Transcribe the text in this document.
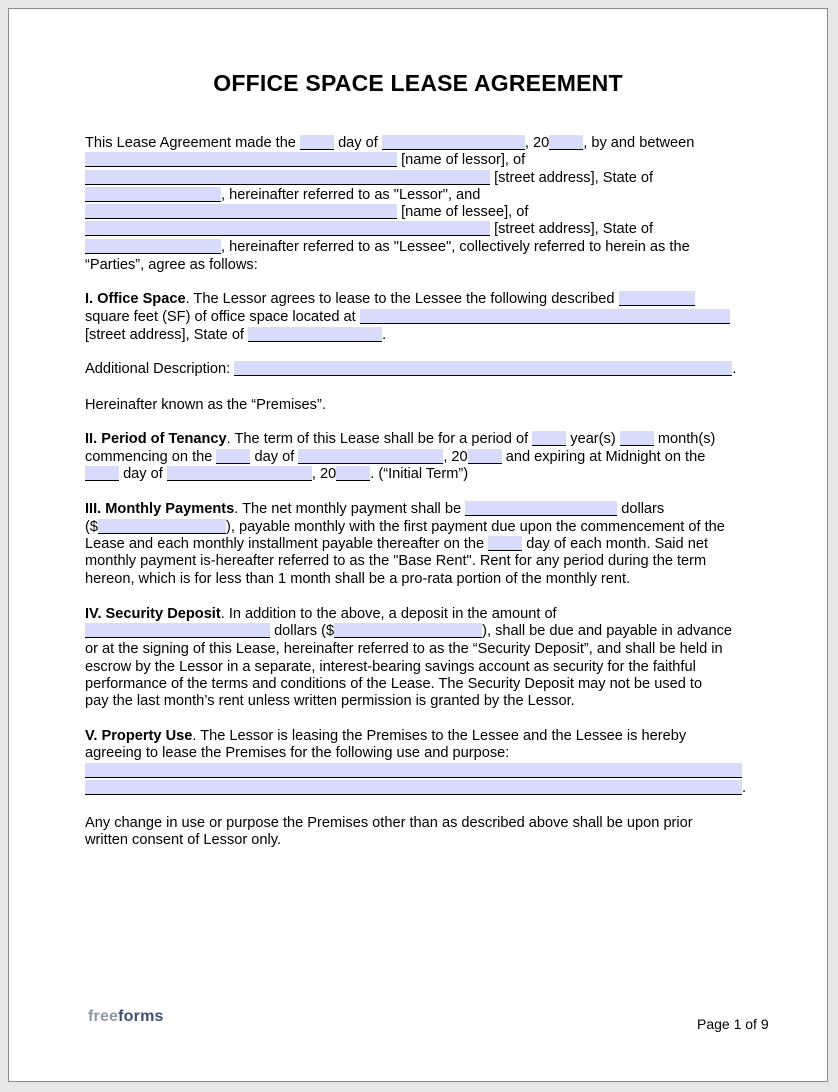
OFFICE SPACE LEASE AGREEMENT
This Lease Agreement made the	day of	, 20 , by and between
[name of lessor], of
[street address], State of
, hereinafter referred to as "Lessor", and
[name of lessee], of
[street address], State of
, hereinafter referred to as "Lessee", collectively referred to herein as the
“Parties”, agree as follows:
I. Office Space. The Lessor agrees to lease to the Lessee the following described
square feet (SF) of office space located at
[street address], State of	.
Additional Description:	.
Hereinafter known as the “Premises”.
II. Period of Tenancy. The term of this Lease shall be for a period of	year(s)	month(s)
commencing on the	day of	, 20	and expiring at Midnight on the
day of	, 20 . (“Initial Term”)
III. Monthly Payments. The net monthly payment shall be	dollars
($	), payable monthly with the first payment due upon the commencement of the
Lease and each monthly installment payable thereafter on the	day of each month. Said net
monthly payment is-hereafter referred to as the "Base Rent". Rent for any period during the term
hereon, which is for less than 1 month shall be a pro-rata portion of the monthly rent.
IV. Security Deposit. In addition to the above, a deposit in the amount of
dollars ($	), shall be due and payable in advance
or at the signing of this Lease, hereinafter referred to as the “Security Deposit”, and shall be held in
escrow by the Lessor in a separate, interest-bearing savings account as security for the faithful
performance of the terms and conditions of the Lease. The Security Deposit may not be used to
pay the last month’s rent unless written permission is granted by the Lessor.
V. Property Use. The Lessor is leasing the Premises to the Lessee and the Lessee is hereby
agreeing to lease the Premises for the following use and purpose:
.
Any change in use or purpose the Premises other than as described above shall be upon prior
written consent of Lessor only.
freeforms	Page 1 of 9
